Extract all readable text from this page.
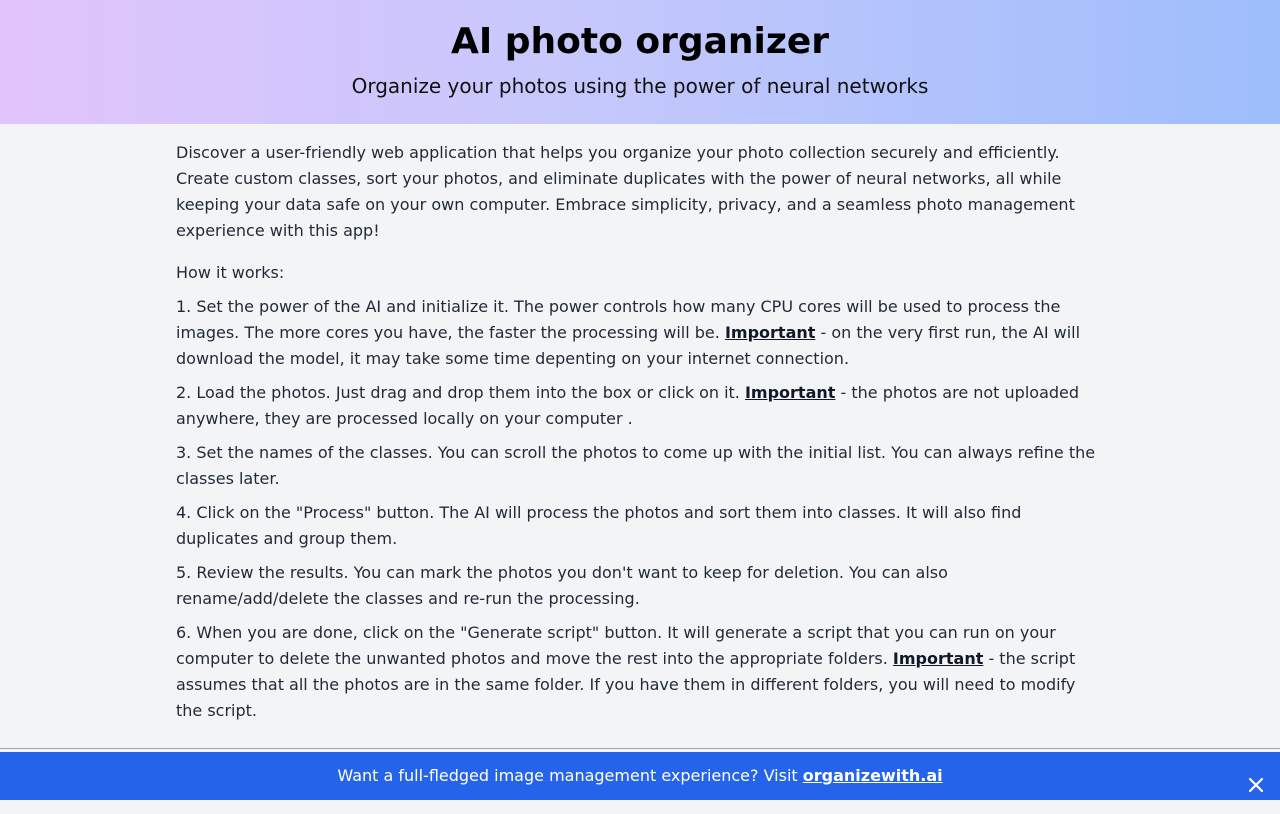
AI photo organizer

Organize your photos using the power of neural networks

Discover a user-friendly web application that helps you organize your photo collection securely and efficiently. Create custom classes, sort your photos, and eliminate duplicates with the power of neural networks, all while keeping your data safe on your own computer. Embrace simplicity, privacy, and a seamless photo management experience with this app!

How it works:

1. Set the power of the AI and initialize it. The power controls how many CPU cores will be used to process the images. The more cores you have, the faster the processing will be. Important - on the very first run, the AI will download the model, it may take some time depenting on your internet connection.

2. Load the photos. Just drag and drop them into the box or click on it. Important - the photos are not uploaded anywhere, they are processed locally on your computer .

3. Set the names of the classes. You can scroll the photos to come up with the initial list. You can always refine the classes later.

4. Click on the "Process" button. The AI will process the photos and sort them into classes. It will also find duplicates and group them.

5. Review the results. You can mark the photos you don't want to keep for deletion. You can also rename/add/delete the classes and re-run the processing.

6. When you are done, click on the "Generate script" button. It will generate a script that you can run on your computer to delete the unwanted photos and move the rest into the appropriate folders. Important - the script assumes that all the photos are in the same folder. If you have them in different folders, you will need to modify the script.

Want a full-fledged image management experience? Visit organizewith.ai
